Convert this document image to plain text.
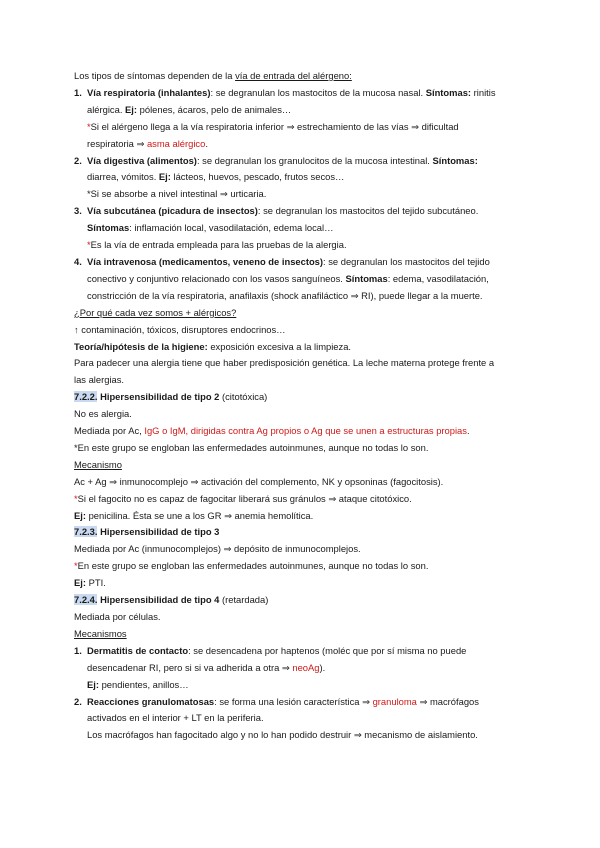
Los tipos de síntomas dependen de la vía de entrada del alérgeno:
1. Vía respiratoria (inhalantes): se degranulan los mastocitos de la mucosa nasal. Síntomas: rinitis
alérgica. Ej: pólenes, ácaros, pelo de animales…
*Si el alérgeno llega a la vía respiratoria inferior ⇒ estrechamiento de las vías ⇒ dificultad
respiratoria ⇒ asma alérgico.
2. Vía digestiva (alimentos): se degranulan los granulocitos de la mucosa intestinal. Síntomas:
diarrea, vómitos. Ej: lácteos, huevos, pescado, frutos secos…
*Si se absorbe a nivel intestinal ⇒ urticaria.
3. Vía subcutánea (picadura de insectos): se degranulan los mastocitos del tejido subcutáneo.
Síntomas: inflamación local, vasodilatación, edema local…
*Es la vía de entrada empleada para las pruebas de la alergia.
4. Vía intravenosa (medicamentos, veneno de insectos): se degranulan los mastocitos del tejido
conectivo y conjuntivo relacionado con los vasos sanguíneos. Síntomas: edema, vasodilatación,
constricción de la vía respiratoria, anafilaxis (shock anafiláctico ⇒ RI), puede llegar a la muerte.
¿Por qué cada vez somos + alérgicos?
↑ contaminación, tóxicos, disruptores endocrinos…
Teoría/hipótesis de la higiene: exposición excesiva a la limpieza.
Para padecer una alergia tiene que haber predisposición genética. La leche materna protege frente a
las alergias.
7.2.2. Hipersensibilidad de tipo 2 (citotóxica)
No es alergia.
Mediada por Ac, IgG o IgM, dirigidas contra Ag propios o Ag que se unen a estructuras propias.
*En este grupo se engloban las enfermedades autoinmunes, aunque no todas lo son.
Mecanismo
Ac + Ag ⇒ inmunocomplejo ⇒ activación del complemento, NK y opsoninas (fagocitosis).
*Si el fagocito no es capaz de fagocitar liberará sus gránulos ⇒ ataque citotóxico.
Ej: penicilina. Ésta se une a los GR ⇒ anemia hemolítica.
7.2.3. Hipersensibilidad de tipo 3
Mediada por Ac (inmunocomplejos) ⇒ depósito de inmunocomplejos.
*En este grupo se engloban las enfermedades autoinmunes, aunque no todas lo son.
Ej: PTI.
7.2.4. Hipersensibilidad de tipo 4 (retardada)
Mediada por células.
Mecanismos
1. Dermatitis de contacto: se desencadena por haptenos (moléc que por sí misma no puede
desencadenar RI, pero si si va adherida a otra ⇒ neoAg).
Ej: pendientes, anillos…
2. Reacciones granulomatosas: se forma una lesión característica ⇒ granuloma ⇒ macrófagos
activados en el interior + LT en la periferia.
Los macrófagos han fagocitado algo y no lo han podido destruir ⇒ mecanismo de aislamiento.
